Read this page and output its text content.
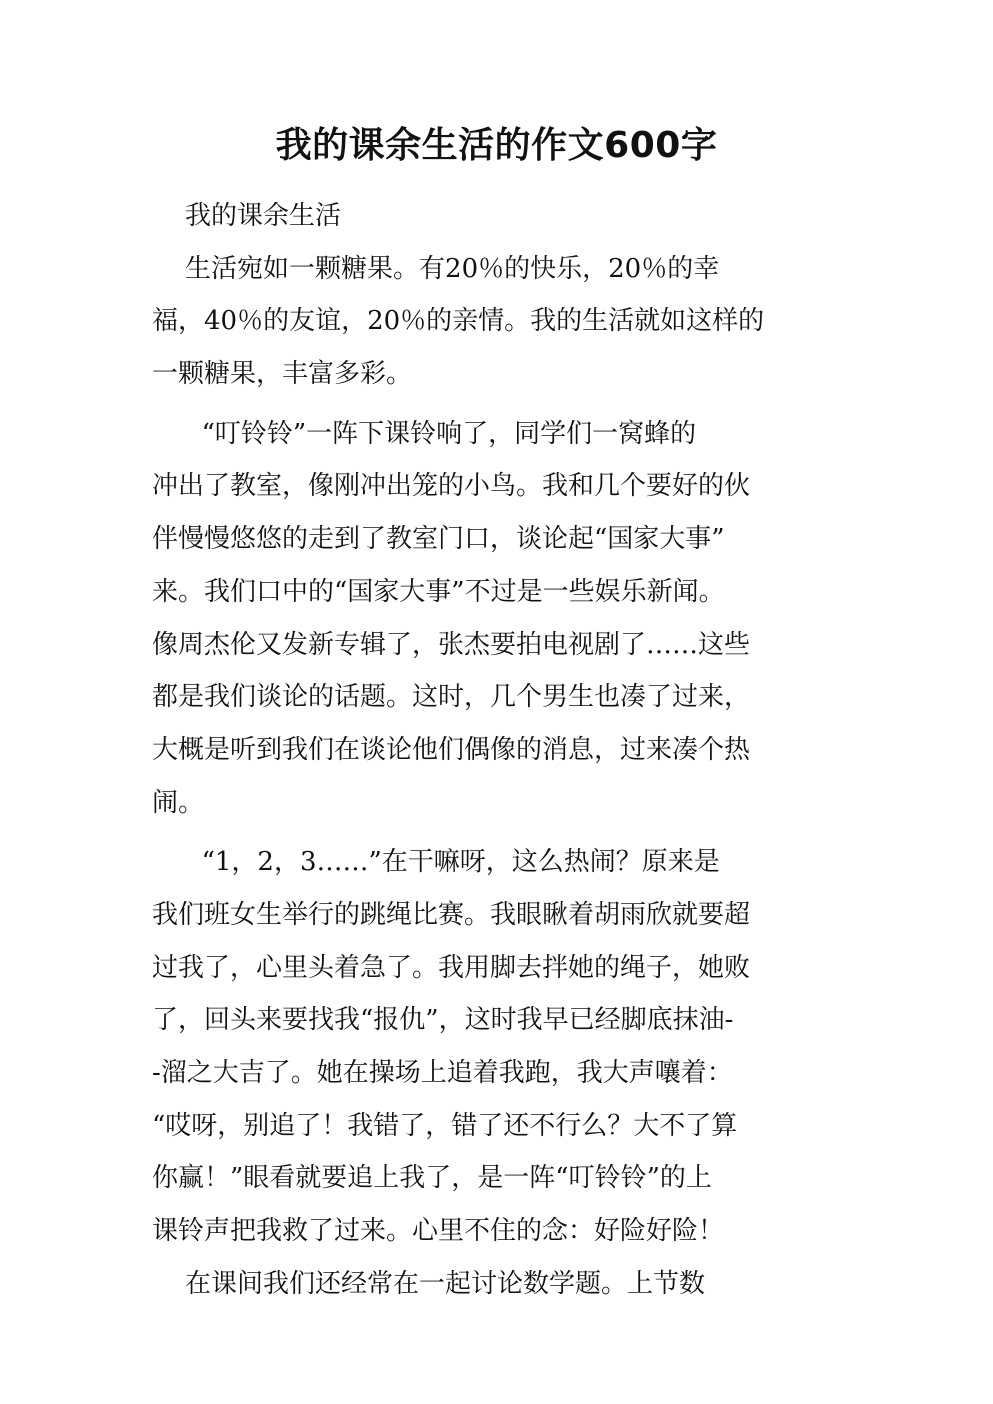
我的课余生活的作文600字
我的课余生活
生活宛如一颗糖果。有20％的快乐，20％的幸
福，40％的友谊，20％的亲情。我的生活就如这样的
一颗糖果，丰富多彩。
“叮铃铃”一阵下课铃响了，同学们一窝蜂的
冲出了教室，像刚冲出笼的小鸟。我和几个要好的伙
伴慢慢悠悠的走到了教室门口，谈论起“国家大事”
来。我们口中的“国家大事”不过是一些娱乐新闻。
像周杰伦又发新专辑了，张杰要拍电视剧了……这些
都是我们谈论的话题。这时，几个男生也凑了过来，
大概是听到我们在谈论他们偶像的消息，过来凑个热
闹。
“1，2，3……”在干嘛呀，这么热闹？原来是
我们班女生举行的跳绳比赛。我眼瞅着胡雨欣就要超
过我了，心里头着急了。我用脚去拌她的绳子，她败
了，回头来要找我“报仇”，这时我早已经脚底抹油-
-溜之大吉了。她在操场上追着我跑，我大声嚷着：
“哎呀，别追了！我错了，错了还不行么？大不了算
你赢！”眼看就要追上我了，是一阵“叮铃铃”的上
课铃声把我救了过来。心里不住的念：好险好险！
在课间我们还经常在一起讨论数学题。上节数
